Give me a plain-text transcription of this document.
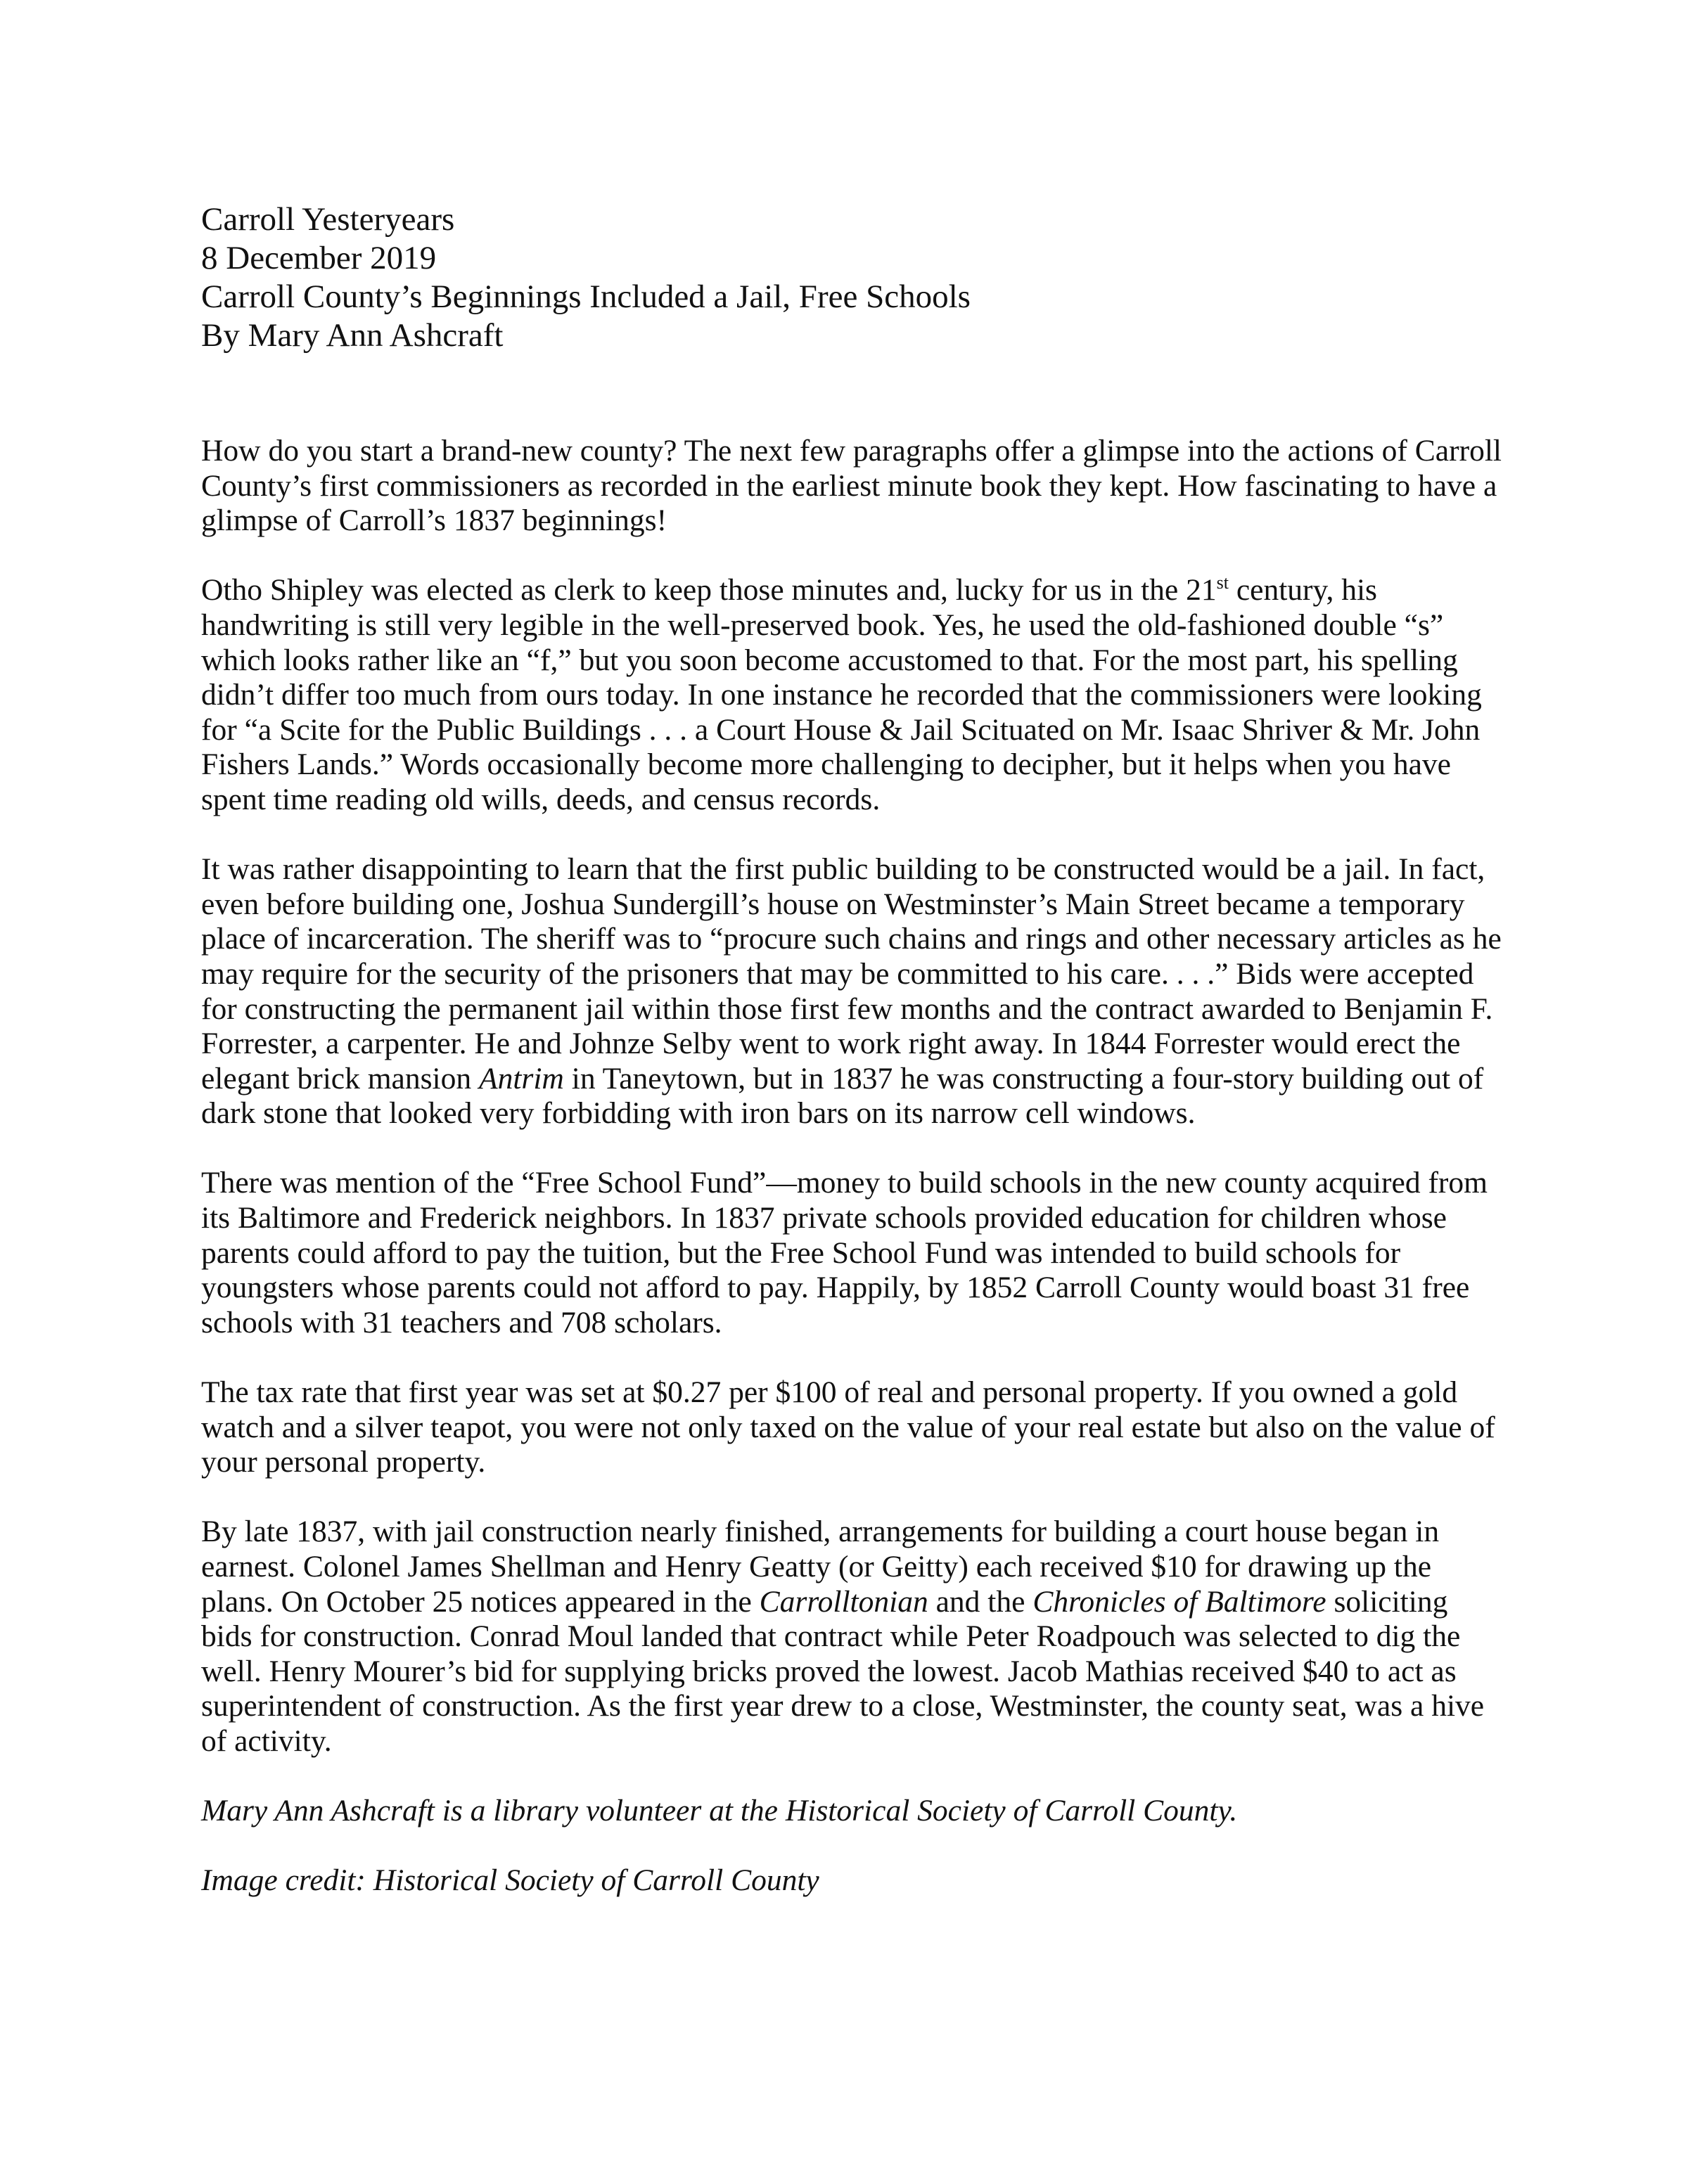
Carroll Yesteryears
8 December 2019
Carroll County’s Beginnings Included a Jail, Free Schools
By Mary Ann Ashcraft
How do you start a brand-new county? The next few paragraphs offer a glimpse into the actions of Carroll
County’s first commissioners as recorded in the earliest minute book they kept. How fascinating to have a
glimpse of Carroll’s 1837 beginnings!
Otho Shipley was elected as clerk to keep those minutes and, lucky for us in the 21st century, his
handwriting is still very legible in the well-preserved book. Yes, he used the old-fashioned double “s”
which looks rather like an “f,” but you soon become accustomed to that. For the most part, his spelling
didn’t differ too much from ours today. In one instance he recorded that the commissioners were looking
for “a Scite for the Public Buildings . . . a Court House & Jail Scituated on Mr. Isaac Shriver & Mr. John
Fishers Lands.” Words occasionally become more challenging to decipher, but it helps when you have
spent time reading old wills, deeds, and census records.
It was rather disappointing to learn that the first public building to be constructed would be a jail. In fact,
even before building one, Joshua Sundergill’s house on Westminster’s Main Street became a temporary
place of incarceration. The sheriff was to “procure such chains and rings and other necessary articles as he
may require for the security of the prisoners that may be committed to his care. . . .” Bids were accepted
for constructing the permanent jail within those first few months and the contract awarded to Benjamin F.
Forrester, a carpenter. He and Johnze Selby went to work right away. In 1844 Forrester would erect the
elegant brick mansion Antrim in Taneytown, but in 1837 he was constructing a four-story building out of
dark stone that looked very forbidding with iron bars on its narrow cell windows.
There was mention of the “Free School Fund”—money to build schools in the new county acquired from
its Baltimore and Frederick neighbors. In 1837 private schools provided education for children whose
parents could afford to pay the tuition, but the Free School Fund was intended to build schools for
youngsters whose parents could not afford to pay. Happily, by 1852 Carroll County would boast 31 free
schools with 31 teachers and 708 scholars.
The tax rate that first year was set at $0.27 per $100 of real and personal property. If you owned a gold
watch and a silver teapot, you were not only taxed on the value of your real estate but also on the value of
your personal property.
By late 1837, with jail construction nearly finished, arrangements for building a court house began in
earnest. Colonel James Shellman and Henry Geatty (or Geitty) each received $10 for drawing up the
plans. On October 25 notices appeared in the Carrolltonian and the Chronicles of Baltimore soliciting
bids for construction. Conrad Moul landed that contract while Peter Roadpouch was selected to dig the
well. Henry Mourer’s bid for supplying bricks proved the lowest. Jacob Mathias received $40 to act as
superintendent of construction. As the first year drew to a close, Westminster, the county seat, was a hive
of activity.
Mary Ann Ashcraft is a library volunteer at the Historical Society of Carroll County.
Image credit: Historical Society of Carroll County
